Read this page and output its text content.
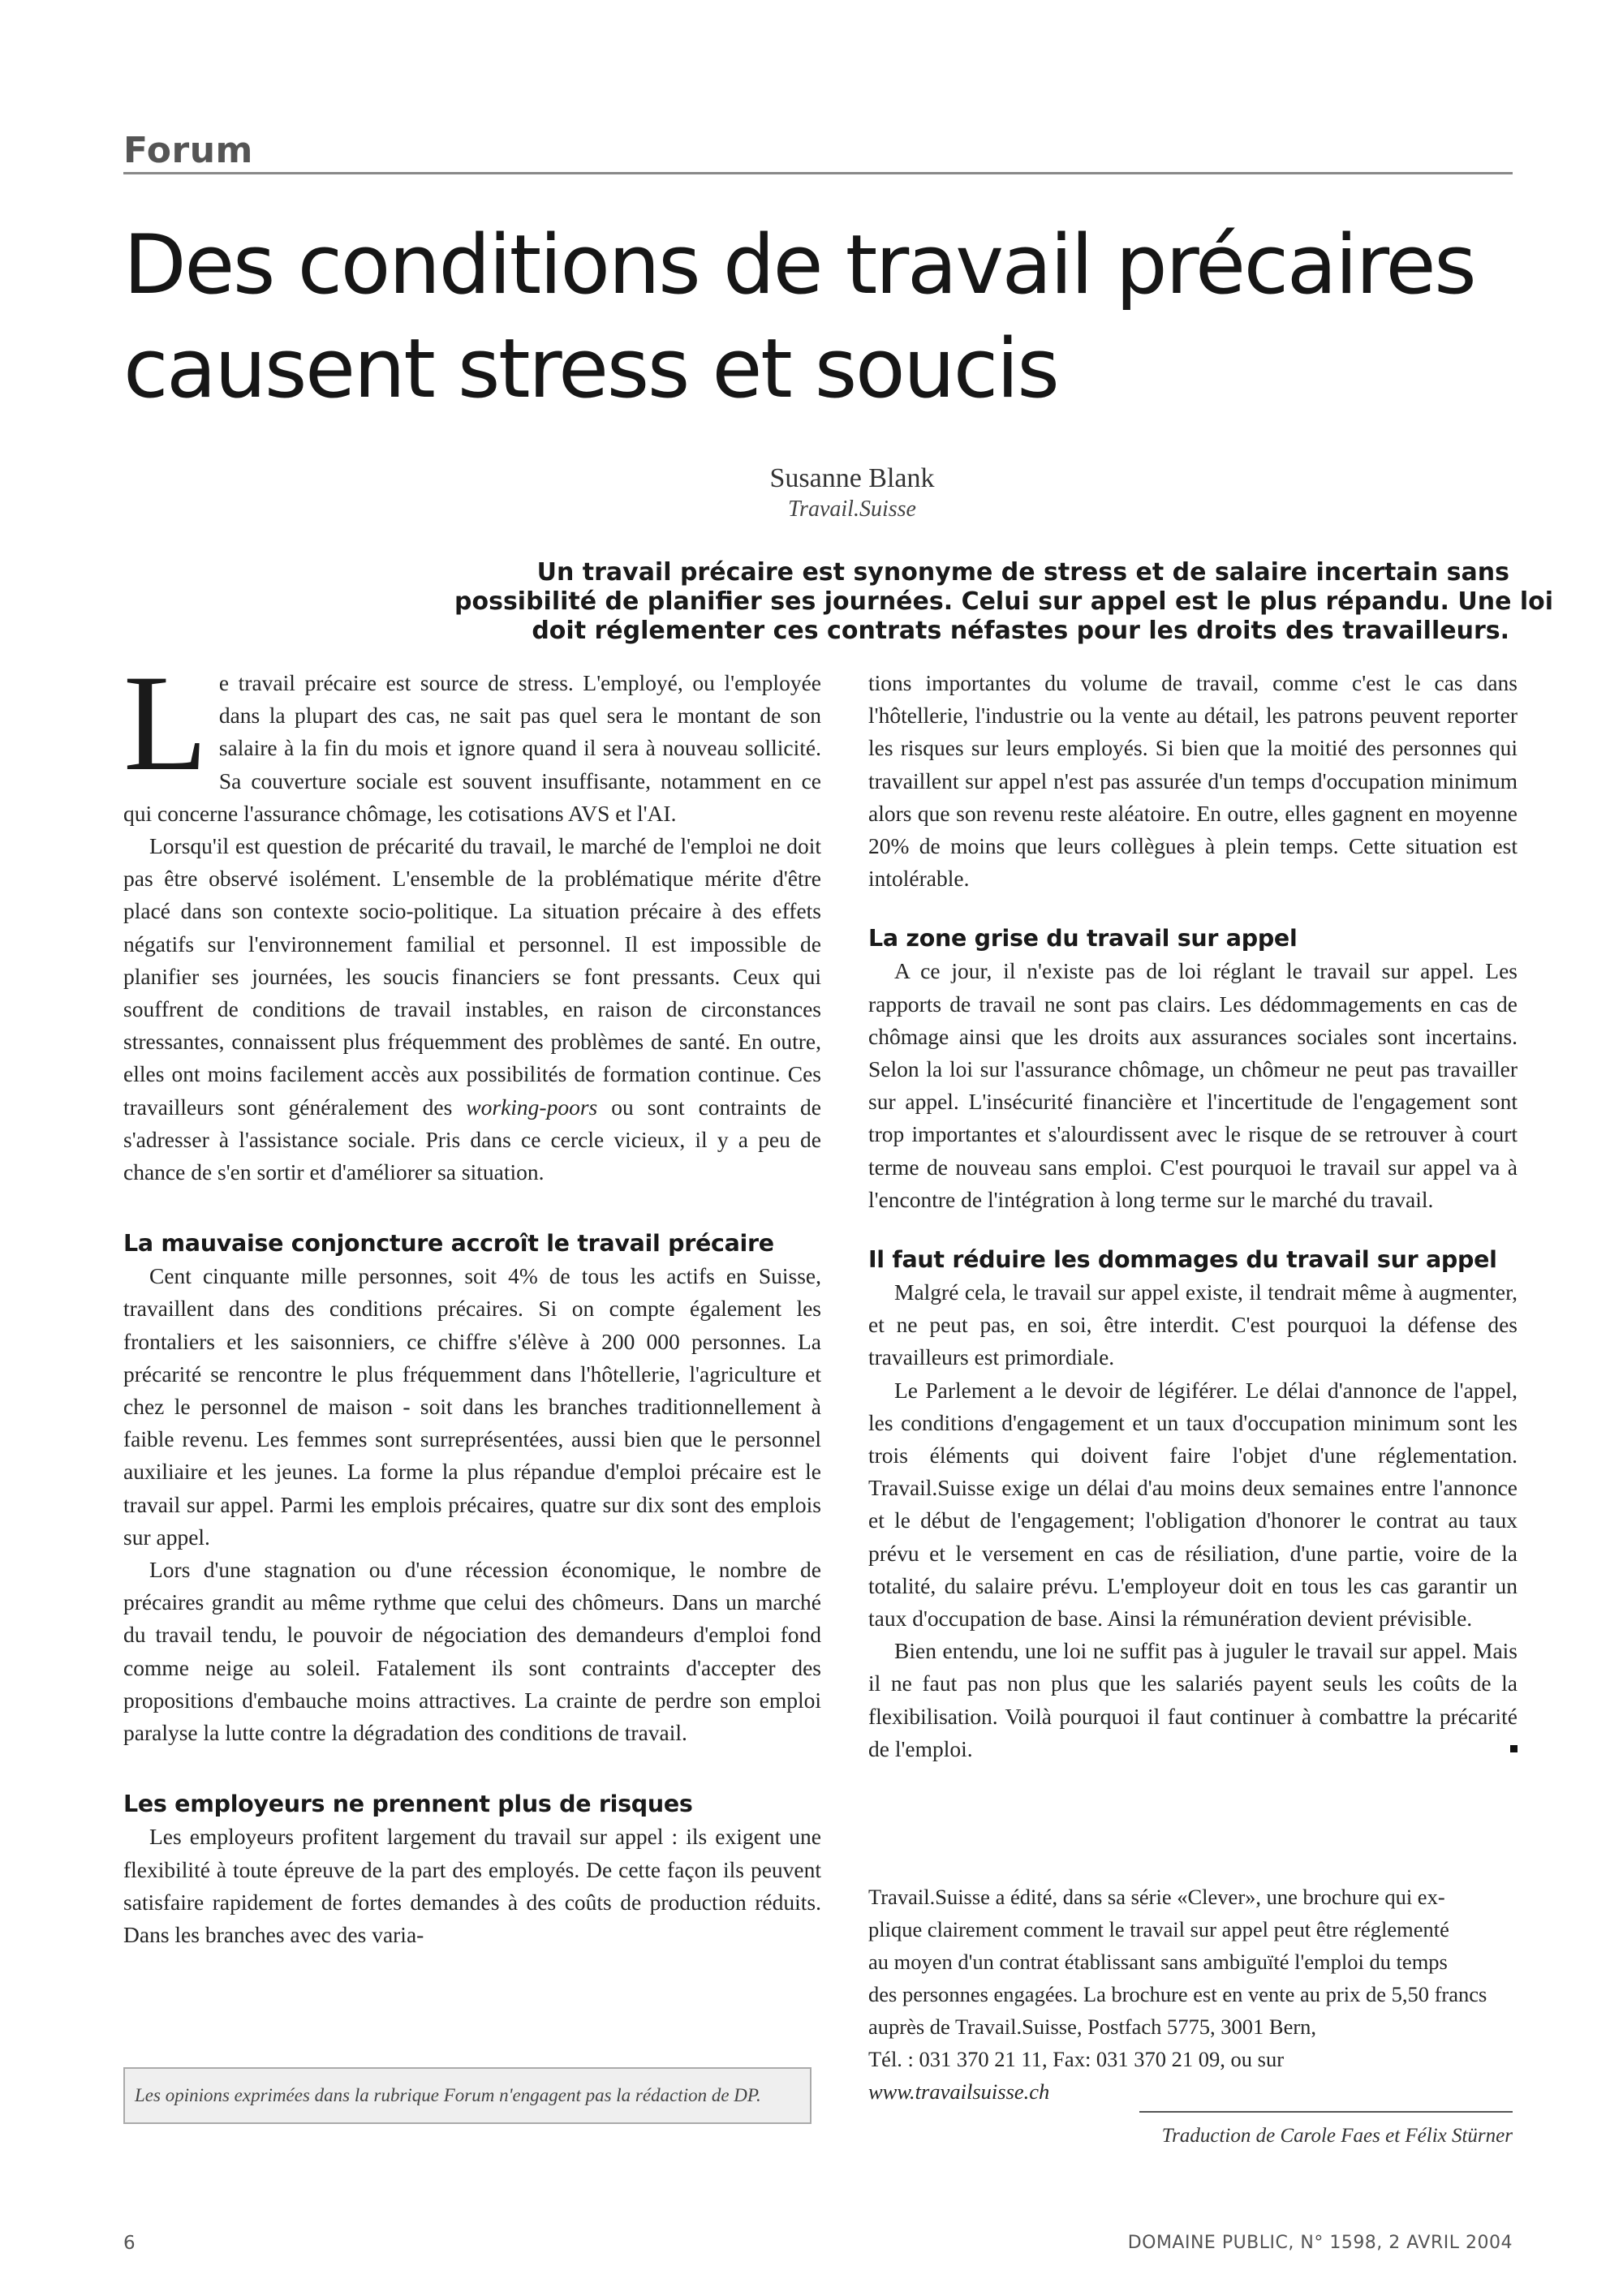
Forum
Des conditions de travail précaires
causent stress et soucis
Susanne Blank
Travail.Suisse
Un travail précaire est synonyme de stress et de salaire incertain sans
possibilité de planifier ses journées. Celui sur appel est le plus répandu. Une loi
doit réglementer ces contrats néfastes pour les droits des travailleurs.

Le travail précaire est source de stress. L'employé, ou l'employée dans la plupart des cas, ne sait pas quel sera le montant de son salaire à la fin du mois et ignore quand il sera à nouveau sollicité. Sa couverture sociale est souvent insuffisante, notamment en ce qui concerne l'assurance chômage, les cotisations AVS et l'AI.

Lorsqu'il est question de précarité du travail, le marché de l'emploi ne doit pas être observé isolément. L'ensemble de la problématique mérite d'être placé dans son contexte socio-politique. La situation précaire à des effets négatifs sur l'environnement familial et personnel. Il est impossible de planifier ses journées, les soucis financiers se font pressants. Ceux qui souffrent de conditions de travail instables, en raison de circonstances stressantes, connaissent plus fréquemment des problèmes de santé. En outre, elles ont moins facilement accès aux possibilités de formation continue. Ces travailleurs sont généralement des working-poors ou sont contraints de s'adresser à l'assistance sociale. Pris dans ce cercle vicieux, il y a peu de chance de s'en sortir et d'améliorer sa situation.

La mauvaise conjoncture accroît le travail précaire

Cent cinquante mille personnes, soit 4% de tous les actifs en Suisse, travaillent dans des conditions précaires. Si on compte également les frontaliers et les saisonniers, ce chiffre s'élève à 200 000 personnes. La précarité se rencontre le plus fréquemment dans l'hôtellerie, l'agriculture et chez le personnel de maison - soit dans les branches traditionnellement à faible revenu. Les femmes sont surreprésentées, aussi bien que le personnel auxiliaire et les jeunes. La forme la plus répandue d'emploi précaire est le travail sur appel. Parmi les emplois précaires, quatre sur dix sont des emplois sur appel.

Lors d'une stagnation ou d'une récession économique, le nombre de précaires grandit au même rythme que celui des chômeurs. Dans un marché du travail tendu, le pouvoir de négociation des demandeurs d'emploi fond comme neige au soleil. Fatalement ils sont contraints d'accepter des propositions d'embauche moins attractives. La crainte de perdre son emploi paralyse la lutte contre la dégradation des conditions de travail.

Les employeurs ne prennent plus de risques

Les employeurs profitent largement du travail sur appel : ils exigent une flexibilité à toute épreuve de la part des employés. De cette façon ils peuvent satisfaire rapidement de fortes demandes à des coûts de production réduits. Dans les branches avec des varia-

tions importantes du volume de travail, comme c'est le cas dans l'hôtellerie, l'industrie ou la vente au détail, les patrons peuvent reporter les risques sur leurs employés. Si bien que la moitié des personnes qui travaillent sur appel n'est pas assurée d'un temps d'occupation minimum alors que son revenu reste aléatoire. En outre, elles gagnent en moyenne 20% de moins que leurs collègues à plein temps. Cette situation est intolérable.

La zone grise du travail sur appel

A ce jour, il n'existe pas de loi réglant le travail sur appel. Les rapports de travail ne sont pas clairs. Les dédommagements en cas de chômage ainsi que les droits aux assurances sociales sont incertains. Selon la loi sur l'assurance chômage, un chômeur ne peut pas travailler sur appel. L'insécurité financière et l'incertitude de l'engagement sont trop importantes et s'alourdissent avec le risque de se retrouver à court terme de nouveau sans emploi. C'est pourquoi le travail sur appel va à l'encontre de l'intégration à long terme sur le marché du travail.

Il faut réduire les dommages du travail sur appel

Malgré cela, le travail sur appel existe, il tendrait même à augmenter, et ne peut pas, en soi, être interdit. C'est pourquoi la défense des travailleurs est primordiale.

Le Parlement a le devoir de légiférer. Le délai d'annonce de l'appel, les conditions d'engagement et un taux d'occupation minimum sont les trois éléments qui doivent faire l'objet d'une réglementation. Travail.Suisse exige un délai d'au moins deux semaines entre l'annonce et le début de l'engagement; l'obligation d'honorer le contrat au taux prévu et le versement en cas de résiliation, d'une partie, voire de la totalité, du salaire prévu. L'employeur doit en tous les cas garantir un taux d'occupation de base. Ainsi la rémunération devient prévisible.

Bien entendu, une loi ne suffit pas à juguler le travail sur appel. Mais il ne faut pas non plus que les salariés payent seuls les coûts de la flexibilisation. Voilà pourquoi il faut continuer à combattre la précarité de l'emploi.

Travail.Suisse a édité, dans sa série «Clever», une brochure qui ex-
plique clairement comment le travail sur appel peut être réglementé
au moyen d'un contrat établissant sans ambiguïté l'emploi du temps
des personnes engagées. La brochure est en vente au prix de 5,50 francs
auprès de Travail.Suisse, Postfach 5775, 3001 Bern,
Tél. : 031 370 21 11, Fax: 031 370 21 09, ou sur
www.travailsuisse.ch
Les opinions exprimées dans la rubrique Forum n'engagent pas la rédaction de DP.
Traduction de Carole Faes et Félix Stürner
6	DOMAINE PUBLIC, N° 1598, 2 AVRIL 2004
